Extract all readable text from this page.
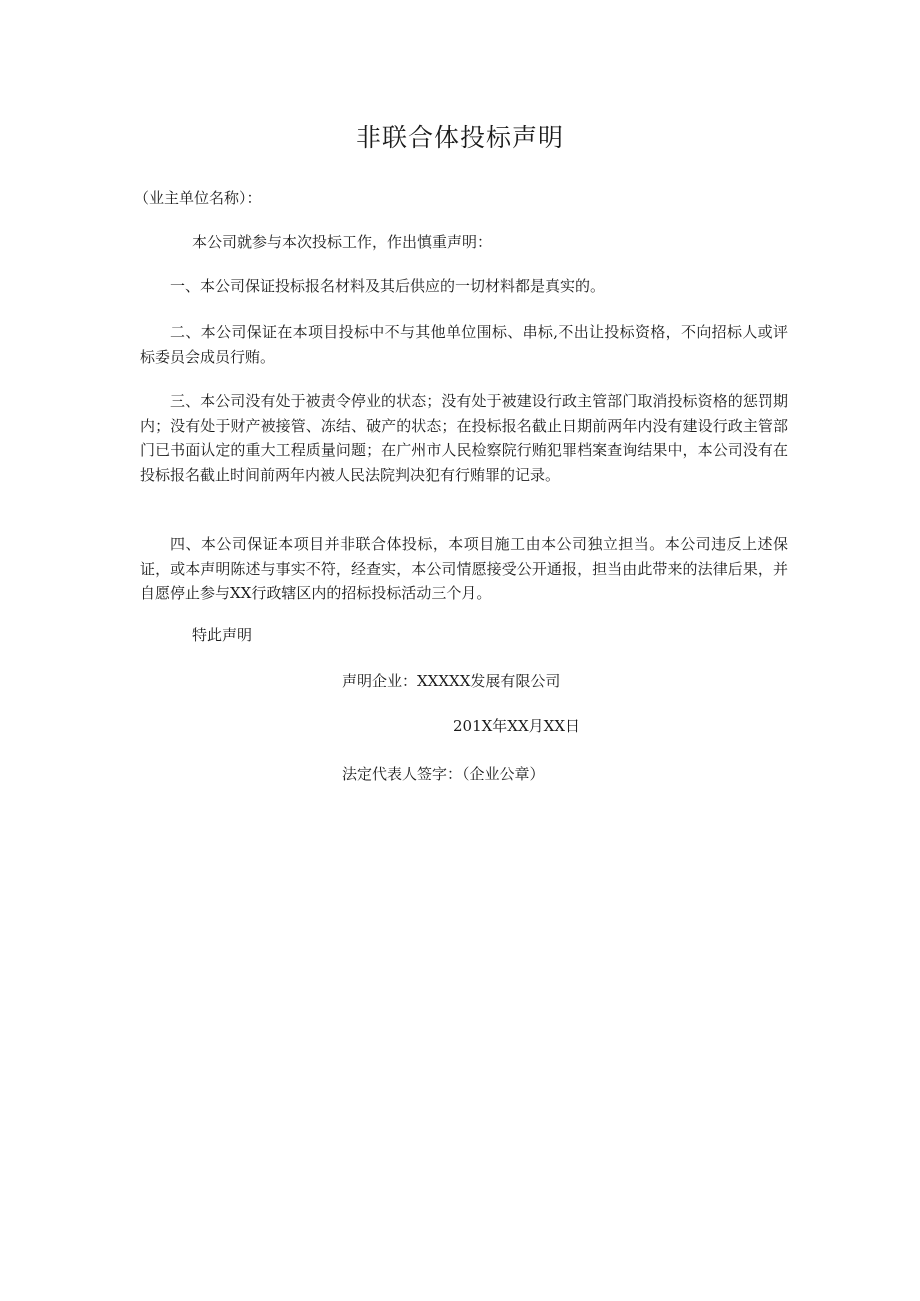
非联合体投标声明
（业主单位名称）：
本公司就参与本次投标工作，作出慎重声明：
一、本公司保证投标报名材料及其后供应的一切材料都是真实的。
二、本公司保证在本项目投标中不与其他单位围标、串标,不出让投标资格，不向招标人或评标委员会成员行贿。
三、本公司没有处于被责令停业的状态；没有处于被建设行政主管部门取消投标资格的惩罚期内；没有处于财产被接管、冻结、破产的状态；在投标报名截止日期前两年内没有建设行政主管部门已书面认定的重大工程质量问题；在广州市人民检察院行贿犯罪档案查询结果中，本公司没有在投标报名截止时间前两年内被人民法院判决犯有行贿罪的记录。
四、本公司保证本项目并非联合体投标，本项目施工由本公司独立担当。本公司违反上述保证，或本声明陈述与事实不符，经查实，本公司情愿接受公开通报，担当由此带来的法律后果，并自愿停止参与XX行政辖区内的招标投标活动三个月。
特此声明
声明企业：XXXXX发展有限公司
201X年XX月XX日
法定代表人签字：（企业公章）
